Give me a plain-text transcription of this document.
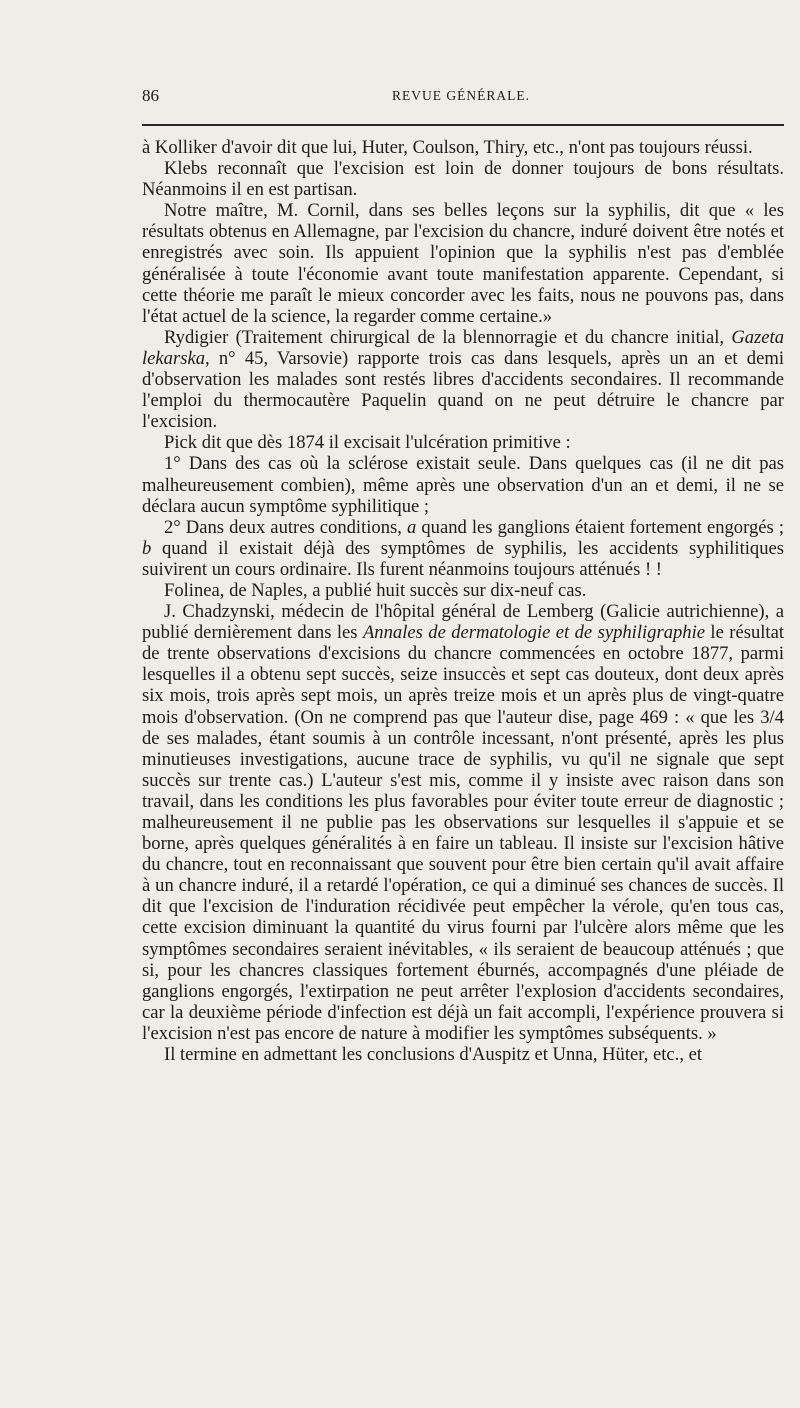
86	REVUE GÉNÉRALE.

à Kolliker d'avoir dit que lui, Huter, Coulson, Thiry, etc., n'ont pas toujours réussi.

Klebs reconnaît que l'excision est loin de donner toujours de bons résultats. Néanmoins il en est partisan.

Notre maître, M. Cornil, dans ses belles leçons sur la syphilis, dit que « les résultats obtenus en Allemagne, par l'excision du chancre, induré doivent être notés et enregistrés avec soin. Ils appuient l'opinion que la syphilis n'est pas d'emblée généralisée à toute l'économie avant toute manifestation apparente. Cependant, si cette théorie me paraît le mieux concorder avec les faits, nous ne pouvons pas, dans l'état actuel de la science, la regarder comme certaine.»

Rydigier (Traitement chirurgical de la blennorragie et du chancre initial, Gazeta lekarska, n° 45, Varsovie) rapporte trois cas dans lesquels, après un an et demi d'observation les malades sont restés libres d'accidents secondaires. Il recommande l'emploi du thermocautère Paquelin quand on ne peut détruire le chancre par l'excision.

Pick dit que dès 1874 il excisait l'ulcération primitive :

1° Dans des cas où la sclérose existait seule. Dans quelques cas (il ne dit pas malheureusement combien), même après une observation d'un an et demi, il ne se déclara aucun symptôme syphilitique ;

2° Dans deux autres conditions, a quand les ganglions étaient fortement engorgés ; b quand il existait déjà des symptômes de syphilis, les accidents syphilitiques suivirent un cours ordinaire. Ils furent néanmoins toujours atténués ! !

Folinea, de Naples, a publié huit succès sur dix-neuf cas.

J. Chadzynski, médecin de l'hôpital général de Lemberg (Galicie autrichienne), a publié dernièrement dans les Annales de dermatologie et de syphiligraphie le résultat de trente observations d'excisions du chancre commencées en octobre 1877, parmi lesquelles il a obtenu sept succès, seize insuccès et sept cas douteux, dont deux après six mois, trois après sept mois, un après treize mois et un après plus de vingt-quatre mois d'observation. (On ne comprend pas que l'auteur dise, page 469 : « que les 3/4 de ses malades, étant soumis à un contrôle incessant, n'ont présenté, après les plus minutieuses investigations, aucune trace de syphilis, vu qu'il ne signale que sept succès sur trente cas.) L'auteur s'est mis, comme il y insiste avec raison dans son travail, dans les conditions les plus favorables pour éviter toute erreur de diagnostic ; malheureusement il ne publie pas les observations sur lesquelles il s'appuie et se borne, après quelques généralités à en faire un tableau. Il insiste sur l'excision hâtive du chancre, tout en reconnaissant que souvent pour être bien certain qu'il avait affaire à un chancre induré, il a retardé l'opération, ce qui a diminué ses chances de succès. Il dit que l'excision de l'induration récidivée peut empêcher la vérole, qu'en tous cas, cette excision diminuant la quantité du virus fourni par l'ulcère alors même que les symptômes secondaires seraient inévitables, « ils seraient de beaucoup atténués ; que si, pour les chancres classiques fortement éburnés, accompagnés d'une pléiade de ganglions engorgés, l'extirpation ne peut arrêter l'explosion d'accidents secondaires, car la deuxième période d'infection est déjà un fait accompli, l'expérience prouvera si l'excision n'est pas encore de nature à modifier les symptômes subséquents. »

Il termine en admettant les conclusions d'Auspitz et Unna, Hüter, etc., et
